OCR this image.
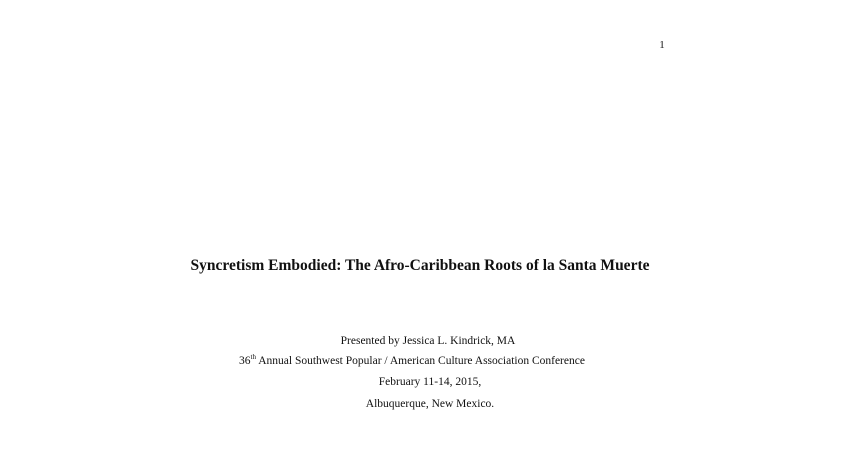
1
Syncretism Embodied: The Afro-Caribbean Roots of la Santa Muerte
Presented by Jessica L. Kindrick, MA
36th Annual Southwest Popular / American Culture Association Conference
February 11-14, 2015,
Albuquerque, New Mexico.
